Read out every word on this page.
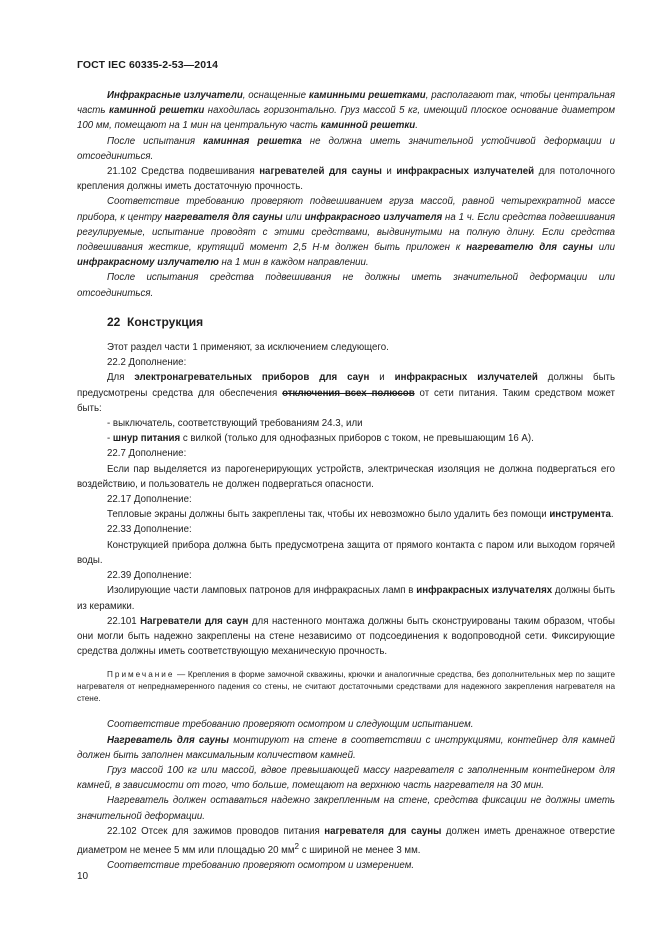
ГОСТ IEC 60335-2-53—2014

Инфракрасные излучатели, оснащенные каминными решетками, располагают так, чтобы центральная часть каминной решетки находилась горизонтально. Груз массой 5 кг, имеющий плоское основание диаметром 100 мм, помещают на 1 мин на центральную часть каминной решетки.

После испытания каминная решетка не должна иметь значительной устойчивой деформации и отсоединиться.

21.102 Средства подвешивания нагревателей для сауны и инфракрасных излучателей для потолочного крепления должны иметь достаточную прочность.

Соответствие требованию проверяют подвешиванием груза массой, равной четырехкратной массе прибора, к центру нагревателя для сауны или инфракрасного излучателя на 1 ч. Если средства подвешивания регулируемые, испытание проводят с этими средствами, выдвинутыми на полную длину. Если средства подвешивания жесткие, крутящий момент 2,5 Н·м должен быть приложен к нагревателю для сауны или инфракрасному излучателю на 1 мин в каждом направлении.

После испытания средства подвешивания не должны иметь значительной деформации или отсоединиться.

22 Конструкция

Этот раздел части 1 применяют, за исключением следующего.

22.2 Дополнение:

Для электронагревательных приборов для саун и инфракрасных излучателей должны быть предусмотрены средства для обеспечения отключения всех полюсов от сети питания. Таким средством может быть:

- выключатель, соответствующий требованиям 24.3, или

- шнур питания с вилкой (только для однофазных приборов с током, не превышающим 16 А).

22.7 Дополнение:

Если пар выделяется из парогенерирующих устройств, электрическая изоляция не должна подвергаться его воздействию, и пользователь не должен подвергаться опасности.

22.17 Дополнение:

Тепловые экраны должны быть закреплены так, чтобы их невозможно было удалить без помощи инструмента.

22.33 Дополнение:

Конструкцией прибора должна быть предусмотрена защита от прямого контакта с паром или выходом горячей воды.

22.39 Дополнение:

Изолирующие части ламповых патронов для инфракрасных ламп в инфракрасных излучателях должны быть из керамики.

22.101 Нагреватели для саун для настенного монтажа должны быть сконструированы таким образом, чтобы они могли быть надежно закреплены на стене независимо от подсоединения к водопроводной сети. Фиксирующие средства должны иметь соответствующую механическую прочность.

Примечание — Крепления в форме замочной скважины, крючки и аналогичные средства, без дополнительных мер по защите нагревателя от непреднамеренного падения со стены, не считают достаточными средствами для надежного закрепления нагревателя на стене.

Соответствие требованию проверяют осмотром и следующим испытанием.

Нагреватель для сауны монтируют на стене в соответствии с инструкциями, контейнер для камней должен быть заполнен максимальным количеством камней.

Груз массой 100 кг или массой, вдвое превышающей массу нагревателя с заполненным контейнером для камней, в зависимости от того, что больше, помещают на верхнюю часть нагревателя на 30 мин.

Нагреватель должен оставаться надежно закрепленным на стене, средства фиксации не должны иметь значительной деформации.

22.102 Отсек для зажимов проводов питания нагревателя для сауны должен иметь дренажное отверстие диаметром не менее 5 мм или площадью 20 $мм^2$ с шириной не менее 3 мм.

Соответствие требованию проверяют осмотром и измерением.

10
